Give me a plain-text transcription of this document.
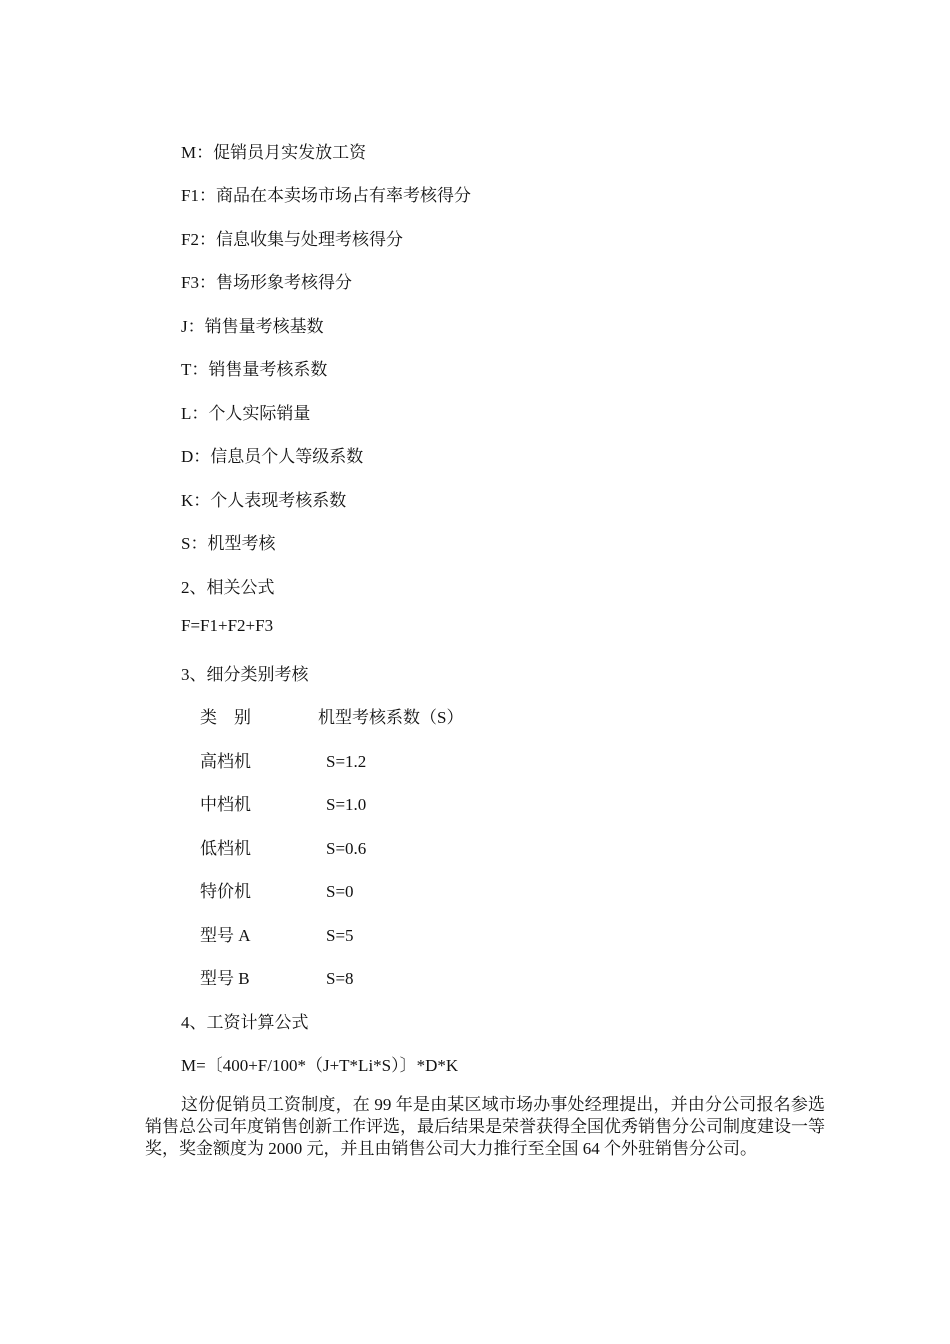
M：促销员月实发放工资
F1：商品在本卖场市场占有率考核得分
F2：信息收集与处理考核得分
F3：售场形象考核得分
J：销售量考核基数
T：销售量考核系数
L：个人实际销量
D：信息员个人等级系数
K：个人表现考核系数
S：机型考核
2、相关公式
F=F1+F2+F3
3、细分类别考核
类　别	机型考核系数（S）
高档机	S=1.2
中档机	S=1.0
低档机	S=0.6
特价机	S=0
型号 A	S=5
型号 B	S=8
4、工资计算公式
M=〔400+F/100*（J+T*Li*S）〕*D*K
这份促销员工资制度，在 99 年是由某区域市场办事处经理提出，并由分公司报名参选销售总公司年度销售创新工作评选，最后结果是荣誉获得全国优秀销售分公司制度建设一等奖，奖金额度为 2000 元，并且由销售公司大力推行至全国 64 个外驻销售分公司。
